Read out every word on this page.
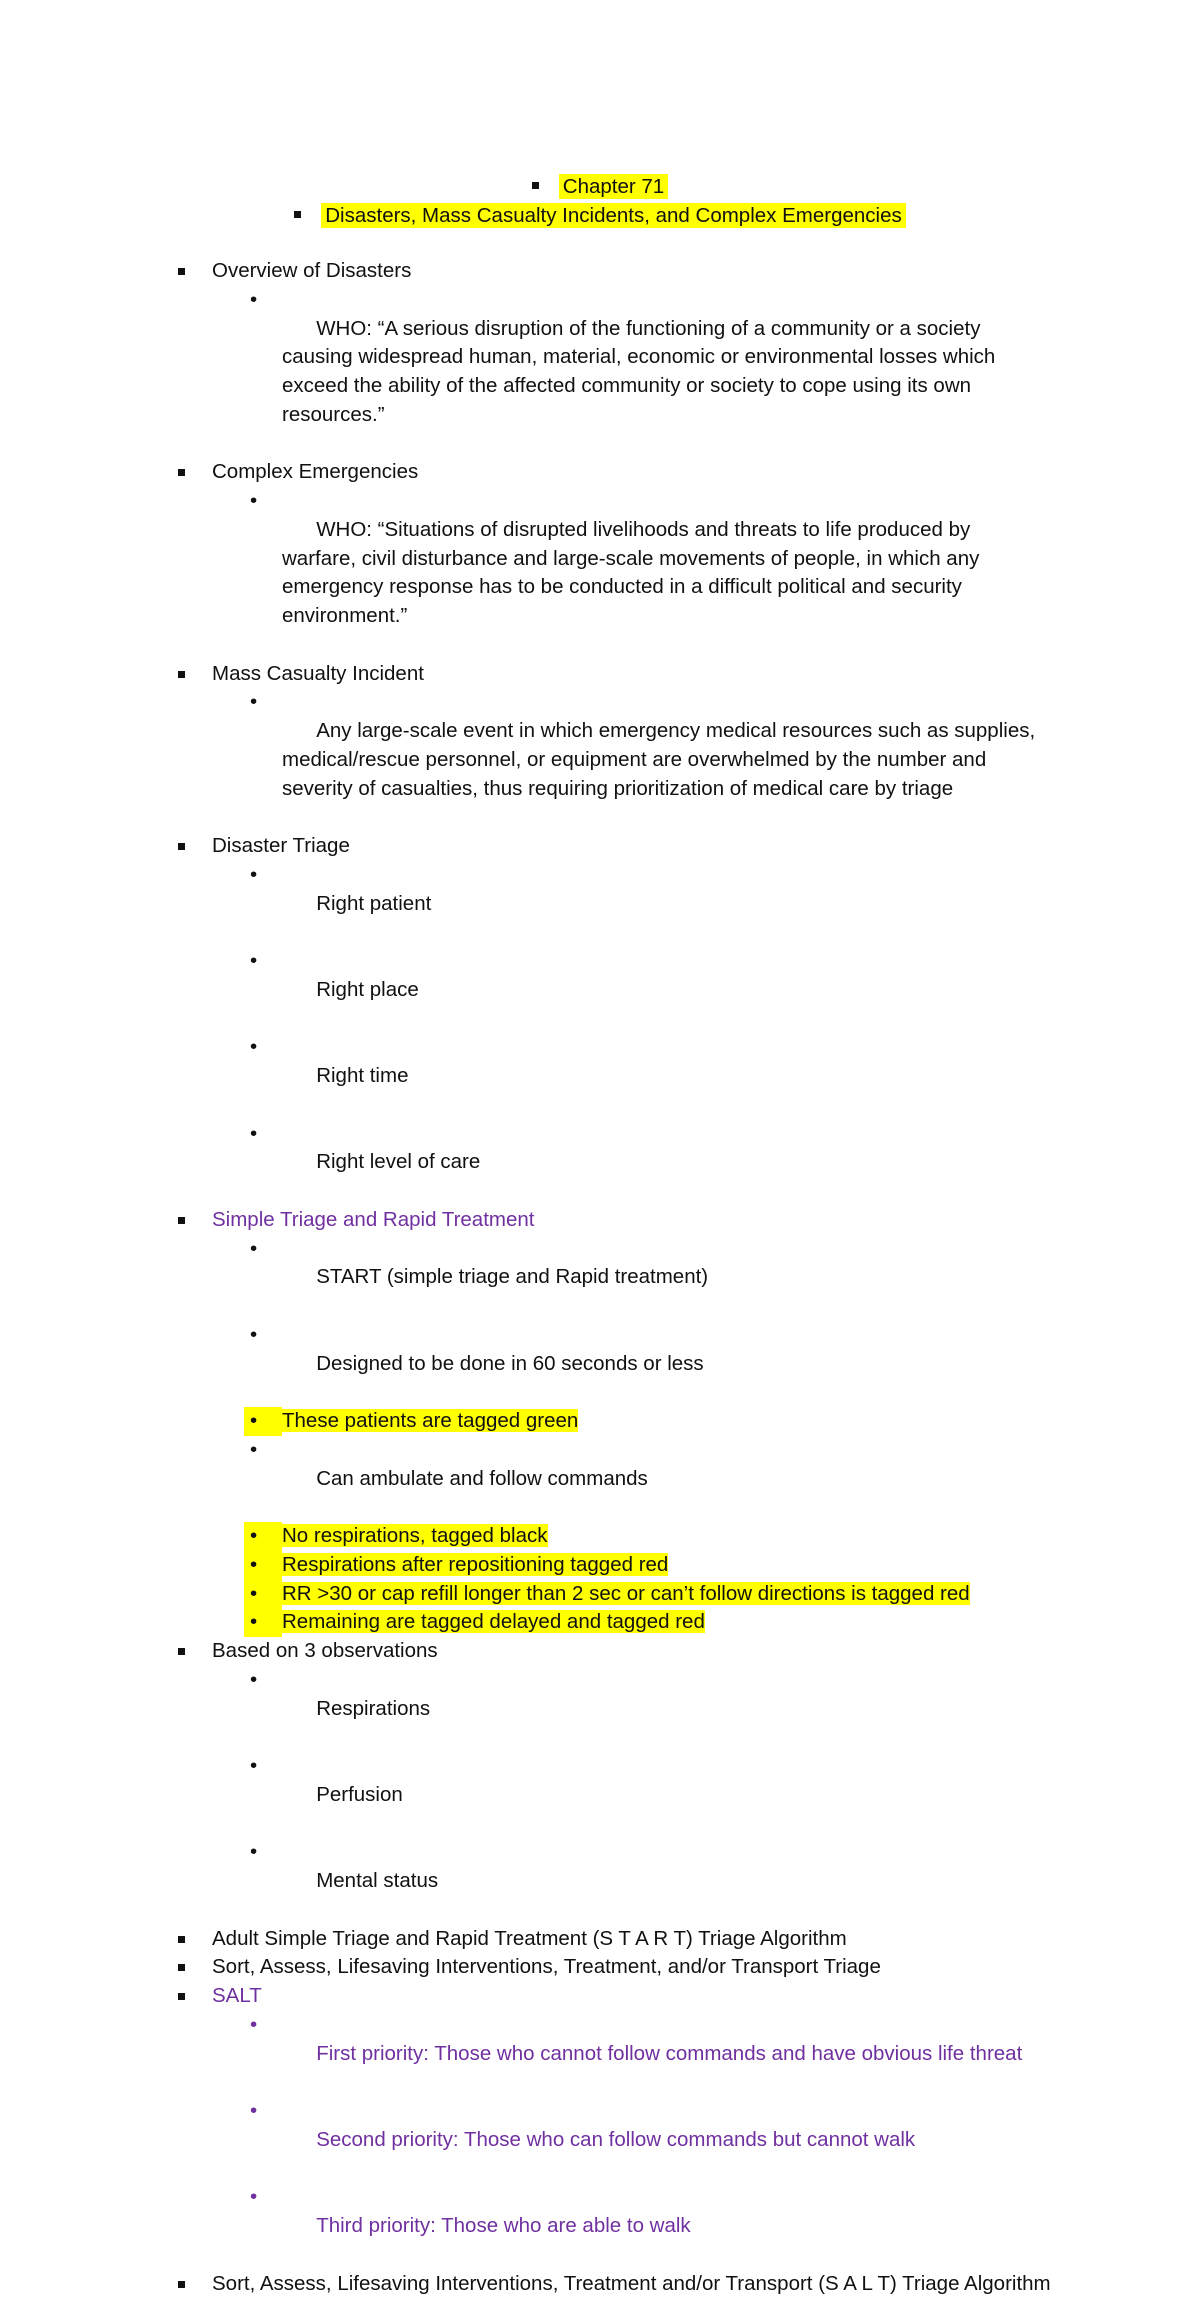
Chapter 71
Disasters, Mass Casualty Incidents, and Complex Emergencies
Overview of Disasters

•
WHO: “A serious disruption of the functioning of a community or a society causing widespread human, material, economic or environmental losses which exceed the ability of the affected community or society to cope using its own resources.”

Complex Emergencies

•
WHO: “Situations of disrupted livelihoods and threats to life produced by warfare, civil disturbance and large-scale movements of people, in which any emergency response has to be conducted in a difficult political and security environment.”

Mass Casualty Incident

•
Any large-scale event in which emergency medical resources such as supplies, medical/rescue personnel, or equipment are overwhelmed by the number and severity of casualties, thus requiring prioritization of medical care by triage

Disaster Triage

•
Right patient

•
Right place

•
Right time

•
Right level of care

Simple Triage and Rapid Treatment

•
START (simple triage and Rapid treatment)

•
Designed to be done in 60 seconds or less

• These patients are tagged green

•
Can ambulate and follow commands

• No respirations, tagged black
• Respirations after repositioning tagged red
• RR >30 or cap refill longer than 2 sec or can’t follow directions is tagged red
• Remaining are tagged delayed and tagged red
Based on 3 observations

•
Respirations

•
Perfusion

•
Mental status

Adult Simple Triage and Rapid Treatment (S T A R T) Triage Algorithm
Sort, Assess, Lifesaving Interventions, Treatment, and/or Transport Triage
SALT

•
First priority: Those who cannot follow commands and have obvious life threat

•
Second priority: Those who can follow commands but cannot walk

•
Third priority: Those who are able to walk

Sort, Assess, Lifesaving Interventions, Treatment and/or Transport (S A L T) Triage Algorithm
